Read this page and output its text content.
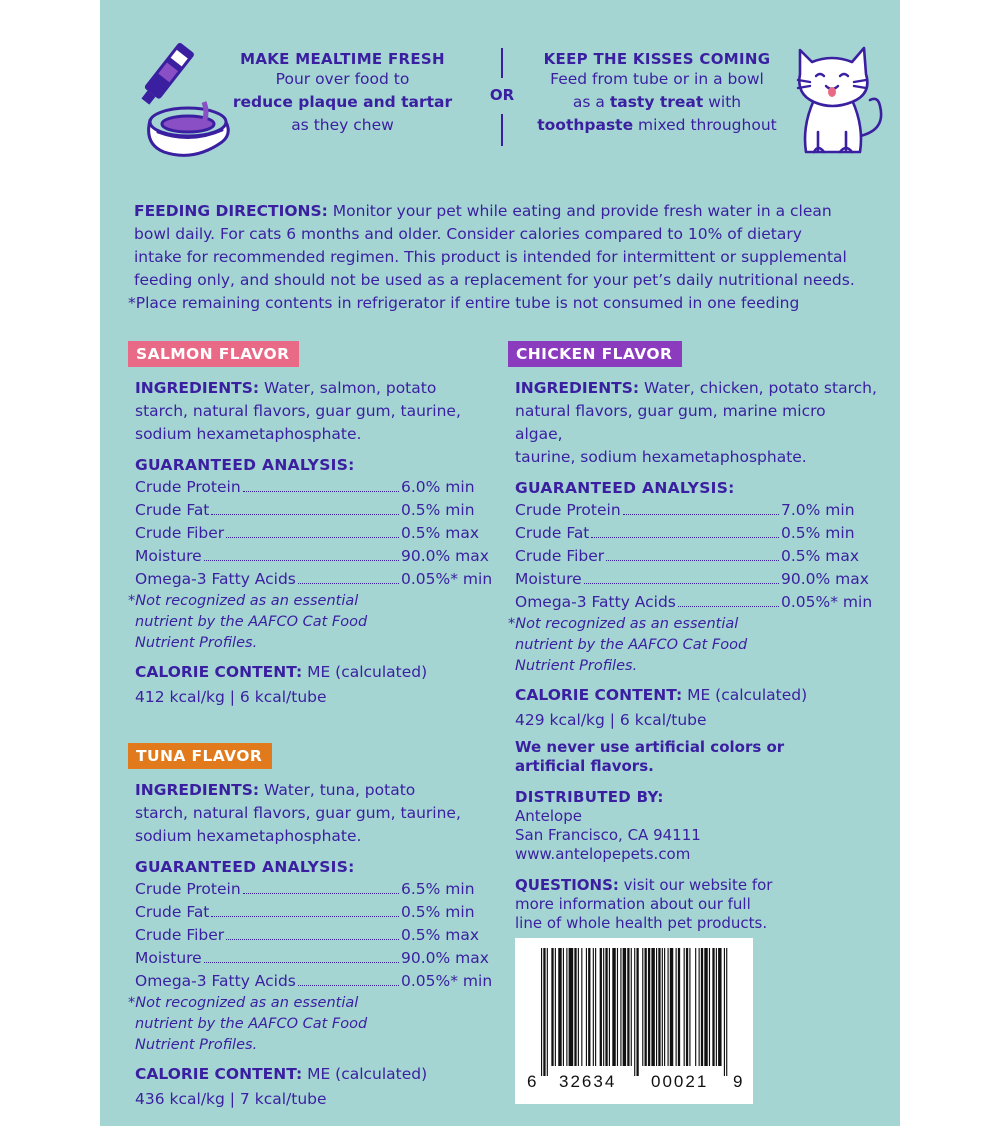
MAKE MEALTIME FRESH
Pour over food to
reduce plaque and tartar
as they chew
OR
KEEP THE KISSES COMING
Feed from tube or in a bowl
as a tasty treat with
toothpaste mixed throughout

FEEDING DIRECTIONS: Monitor your pet while eating and provide fresh water in a clean

bowl daily. For cats 6 months and older. Consider calories compared to 10% of dietary

intake for recommended regimen. This product is intended for intermittent or supplemental

feeding only, and should not be used as a replacement for your pet’s daily nutritional needs.

*Place remaining contents in refrigerator if entire tube is not consumed in one feeding

SALMON FLAVOR
INGREDIENTS: Water, salmon, potato
starch, natural flavors, guar gum, taurine,
sodium hexametaphosphate.
GUARANTEED ANALYSIS:
Crude Protein	6.0% min
Crude Fat	0.5% min
Crude Fiber	0.5% max
Moisture	90.0% max
Omega-3 Fatty Acids	0.05%* min
*Not recognized as an essential
nutrient by the AAFCO Cat Food
Nutrient Profiles.
CALORIE CONTENT: ME (calculated)
412 kcal/kg | 6 kcal/tube
CHICKEN FLAVOR
INGREDIENTS: Water, chicken, potato starch,
natural flavors, guar gum, marine micro algae,
taurine, sodium hexametaphosphate.
GUARANTEED ANALYSIS:
Crude Protein	7.0% min
Crude Fat	0.5% min
Crude Fiber	0.5% max
Moisture	90.0% max
Omega-3 Fatty Acids	0.05%* min
*Not recognized as an essential
nutrient by the AAFCO Cat Food
Nutrient Profiles.
CALORIE CONTENT: ME (calculated)
429 kcal/kg | 6 kcal/tube
TUNA FLAVOR
INGREDIENTS: Water, tuna, potato
starch, natural flavors, guar gum, taurine,
sodium hexametaphosphate.
GUARANTEED ANALYSIS:
Crude Protein	6.5% min
Crude Fat	0.5% min
Crude Fiber	0.5% max
Moisture	90.0% max
Omega-3 Fatty Acids	0.05%* min
*Not recognized as an essential
nutrient by the AAFCO Cat Food
Nutrient Profiles.
CALORIE CONTENT: ME (calculated)
436 kcal/kg | 7 kcal/tube
We never use artificial colors or
artificial flavors.
DISTRIBUTED BY:
Antelope
San Francisco, CA 94111
www.antelopepets.com
QUESTIONS: visit our website for
more information about our full
line of whole health pet products.
6 32634 00021 9
